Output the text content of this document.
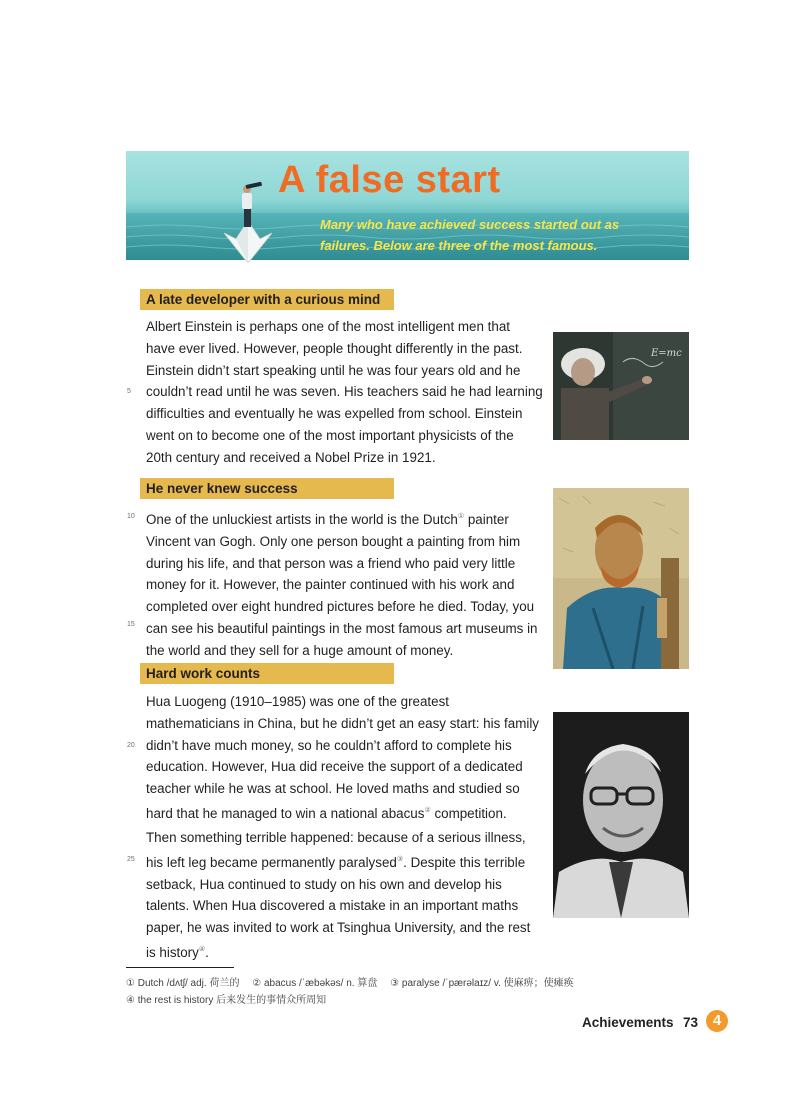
A false start
Many who have achieved success started out as
failures. Below are three of the most famous.
A late developer with a curious mind
Albert Einstein is perhaps one of the most intelligent men that
have ever lived. However, people thought differently in the past.
Einstein didn’t start speaking until he was four years old and he
couldn’t read until he was seven. His teachers said he had learning
difficulties and eventually he was expelled from school. Einstein
went on to become one of the most important physicists of the
20th century and received a Nobel Prize in 1921.
5
E=mc
He never knew success
One of the unluckiest artists in the world is the Dutch① painter
Vincent van Gogh. Only one person bought a painting from him
during his life, and that person was a friend who paid very little
money for it. However, the painter continued with his work and
completed over eight hundred pictures before he died. Today, you
can see his beautiful paintings in the most famous art museums in
the world and they sell for a huge amount of money.
10
15
Hard work counts
Hua Luogeng (1910–1985) was one of the greatest
mathematicians in China, but he didn’t get an easy start: his family
didn’t have much money, so he couldn’t afford to complete his
education. However, Hua did receive the support of a dedicated
teacher while he was at school. He loved maths and studied so
hard that he managed to win a national abacus② competition.
Then something terrible happened: because of a serious illness,
his left leg became permanently paralysed③. Despite this terrible
setback, Hua continued to study on his own and develop his
talents. When Hua discovered a mistake in an important maths
paper, he was invited to work at Tsinghua University, and the rest
is history④.
20
25
① Dutch /dʌtʃ/ adj. 荷兰的 ② abacus /ˈæbəkəs/ n. 算盘 ③ paralyse /ˈpærəlaɪz/ v. 使麻痹；使瘫痪
④ the rest is history 后来发生的事情众所周知
Achievements 73 4
